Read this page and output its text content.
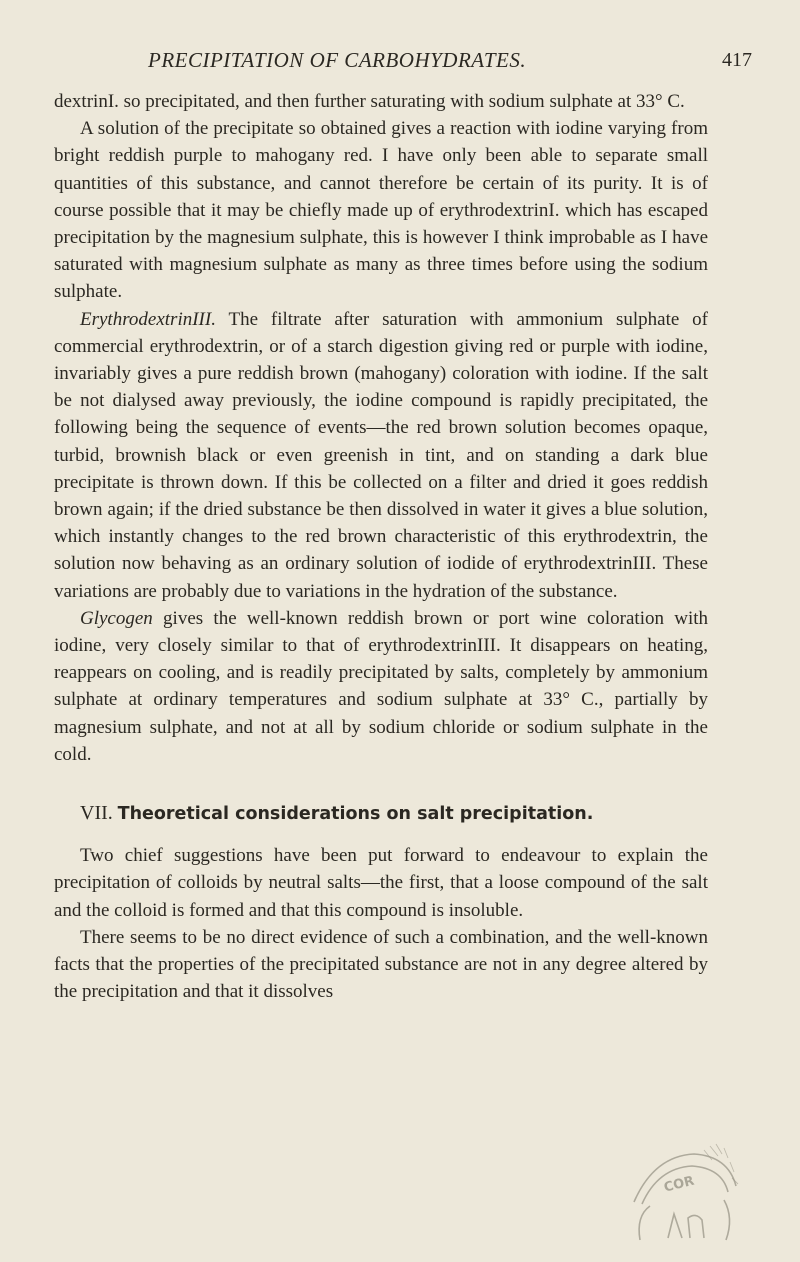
PRECIPITATION OF CARBOHYDRATES.	417

dextrinI. so precipitated, and then further saturating with sodium sulphate at 33° C.

A solution of the precipitate so obtained gives a reaction with iodine varying from bright reddish purple to mahogany red. I have only been able to separate small quantities of this substance, and cannot therefore be certain of its purity. It is of course possible that it may be chiefly made up of erythrodextrinI. which has escaped precipitation by the magnesium sulphate, this is however I think improbable as I have saturated with magnesium sulphate as many as three times before using the sodium sulphate.

ErythrodextrinIII. The filtrate after saturation with ammonium sulphate of commercial erythrodextrin, or of a starch digestion giving red or purple with iodine, invariably gives a pure reddish brown (mahogany) coloration with iodine. If the salt be not dialysed away previously, the iodine compound is rapidly precipitated, the following being the sequence of events—the red brown solution becomes opaque, turbid, brownish black or even greenish in tint, and on standing a dark blue precipitate is thrown down. If this be collected on a filter and dried it goes reddish brown again; if the dried substance be then dissolved in water it gives a blue solution, which instantly changes to the red brown characteristic of this erythrodextrin, the solution now behaving as an ordinary solution of iodide of erythrodextrinIII. These variations are probably due to variations in the hydration of the substance.

Glycogen gives the well-known reddish brown or port wine coloration with iodine, very closely similar to that of erythrodextrinIII. It disappears on heating, reappears on cooling, and is readily precipitated by salts, completely by ammonium sulphate at ordinary temperatures and sodium sulphate at 33° C., partially by magnesium sulphate, and not at all by sodium chloride or sodium sulphate in the cold.

VII. Theoretical considerations on salt precipitation.

Two chief suggestions have been put forward to endeavour to explain the precipitation of colloids by neutral salts—the first, that a loose compound of the salt and the colloid is formed and that this compound is insoluble.

There seems to be no direct evidence of such a combination, and the well-known facts that the properties of the precipitated substance are not in any degree altered by the precipitation and that it dissolves

COR
